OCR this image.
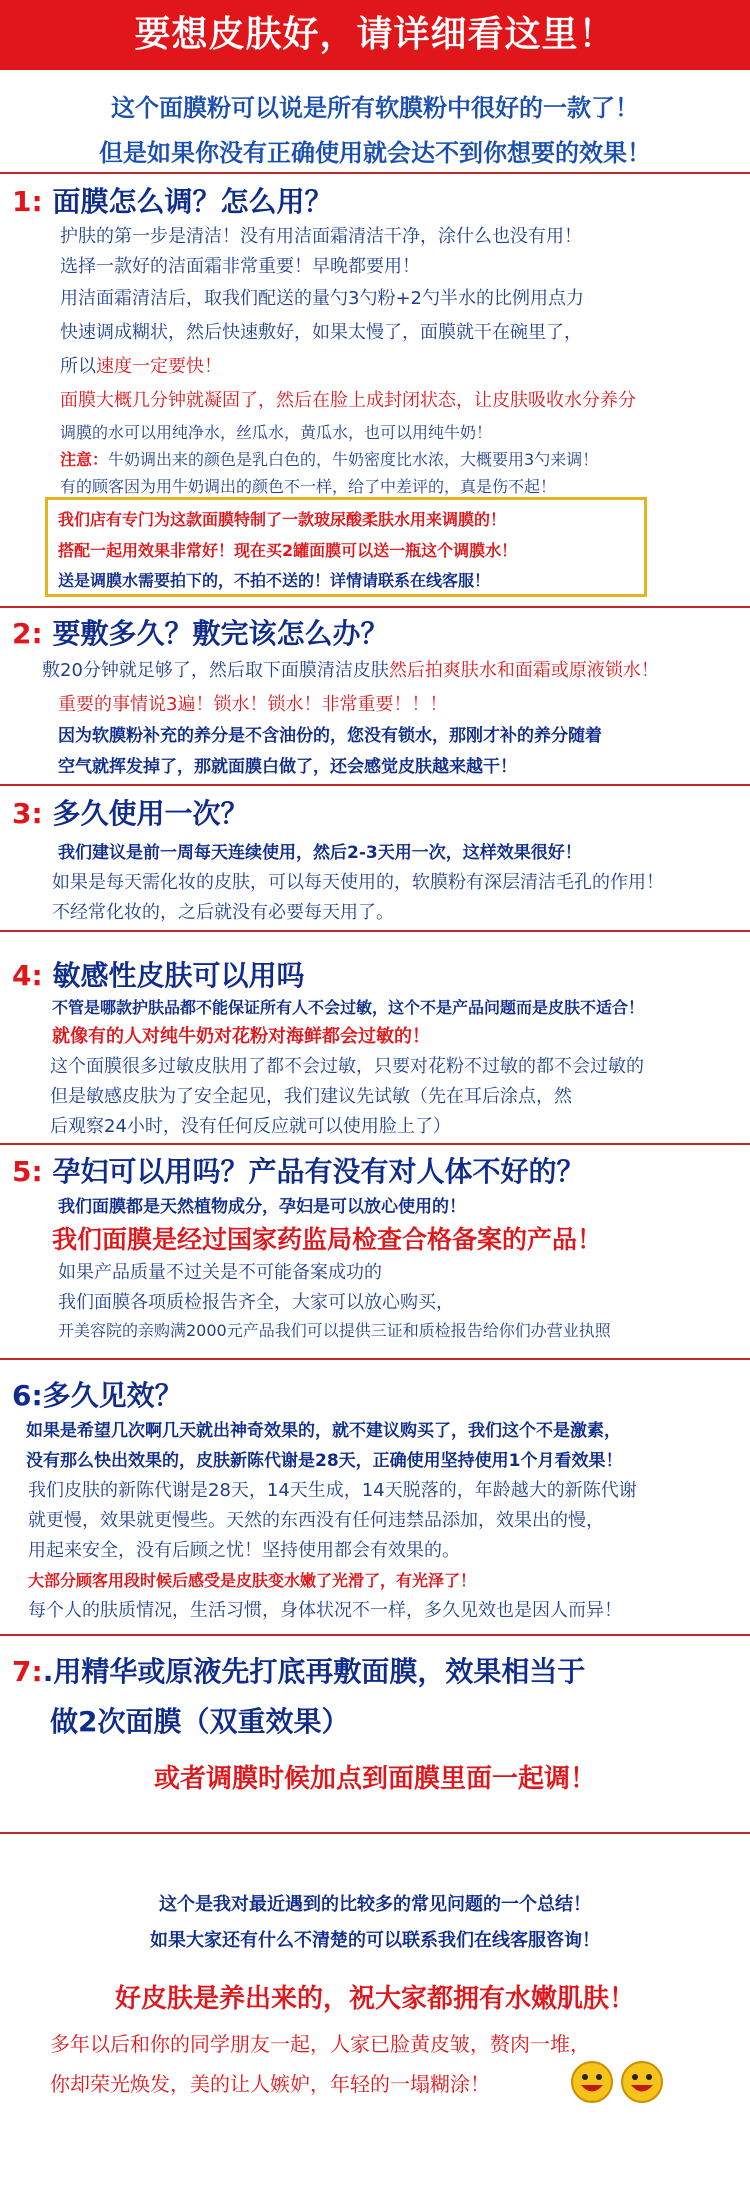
要想皮肤好，请详细看这里！
这个面膜粉可以说是所有软膜粉中很好的一款了！
但是如果你没有正确使用就会达不到你想要的效果！
1: 面膜怎么调？怎么用？
护肤的第一步是清洁！没有用洁面霜清洁干净，涂什么也没有用！
选择一款好的洁面霜非常重要！早晚都要用！
用洁面霜清洁后，取我们配送的量勺3勺粉+2勺半水的比例用点力
快速调成糊状，然后快速敷好，如果太慢了，面膜就干在碗里了，
所以速度一定要快！
面膜大概几分钟就凝固了，然后在脸上成封闭状态，让皮肤吸收水分养分
调膜的水可以用纯净水，丝瓜水，黄瓜水，也可以用纯牛奶！
注意：牛奶调出来的颜色是乳白色的，牛奶密度比水浓，大概要用3勺来调！
有的顾客因为用牛奶调出的颜色不一样，给了中差评的，真是伤不起！
我们店有专门为这款面膜特制了一款玻尿酸柔肤水用来调膜的！
搭配一起用效果非常好！现在买2罐面膜可以送一瓶这个调膜水！
送是调膜水需要拍下的，不拍不送的！详情请联系在线客服！
2: 要敷多久？敷完该怎么办？
敷20分钟就足够了，然后取下面膜清洁皮肤然后拍爽肤水和面霜或原液锁水！
重要的事情说3遍！锁水！锁水！非常重要！！！
因为软膜粉补充的养分是不含油份的，您没有锁水，那刚才补的养分随着
空气就挥发掉了，那就面膜白做了，还会感觉皮肤越来越干！
3: 多久使用一次？
我们建议是前一周每天连续使用，然后2-3天用一次，这样效果很好！
如果是每天需化妆的皮肤，可以每天使用的，软膜粉有深层清洁毛孔的作用！
不经常化妆的，之后就没有必要每天用了。
4: 敏感性皮肤可以用吗
不管是哪款护肤品都不能保证所有人不会过敏，这个不是产品问题而是皮肤不适合！
就像有的人对纯牛奶对花粉对海鲜都会过敏的！
这个面膜很多过敏皮肤用了都不会过敏，只要对花粉不过敏的都不会过敏的
但是敏感皮肤为了安全起见，我们建议先试敏（先在耳后涂点，然
后观察24小时，没有任何反应就可以使用脸上了）
5: 孕妇可以用吗？产品有没有对人体不好的？
我们面膜都是天然植物成分，孕妇是可以放心使用的！
我们面膜是经过国家药监局检查合格备案的产品！
如果产品质量不过关是不可能备案成功的
我们面膜各项质检报告齐全，大家可以放心购买，
开美容院的亲购满2000元产品我们可以提供三证和质检报告给你们办营业执照
6:多久见效？
如果是希望几次啊几天就出神奇效果的，就不建议购买了，我们这个不是激素，
没有那么快出效果的，皮肤新陈代谢是28天，正确使用坚持使用1个月看效果！
我们皮肤的新陈代谢是28天，14天生成，14天脱落的，年龄越大的新陈代谢
就更慢，效果就更慢些。天然的东西没有任何违禁品添加，效果出的慢，
用起来安全，没有后顾之忧！坚持使用都会有效果的。
大部分顾客用段时候后感受是皮肤变水嫩了光滑了，有光泽了！
每个人的肤质情况，生活习惯，身体状况不一样，多久见效也是因人而异！
7:.用精华或原液先打底再敷面膜，效果相当于
做2次面膜（双重效果）
或者调膜时候加点到面膜里面一起调！
这个是我对最近遇到的比较多的常见问题的一个总结！
如果大家还有什么不清楚的可以联系我们在线客服咨询！
好皮肤是养出来的，祝大家都拥有水嫩肌肤！
多年以后和你的同学朋友一起，人家已脸黄皮皱，赘肉一堆，
你却荣光焕发，美的让人嫉妒，年轻的一塌糊涂！
